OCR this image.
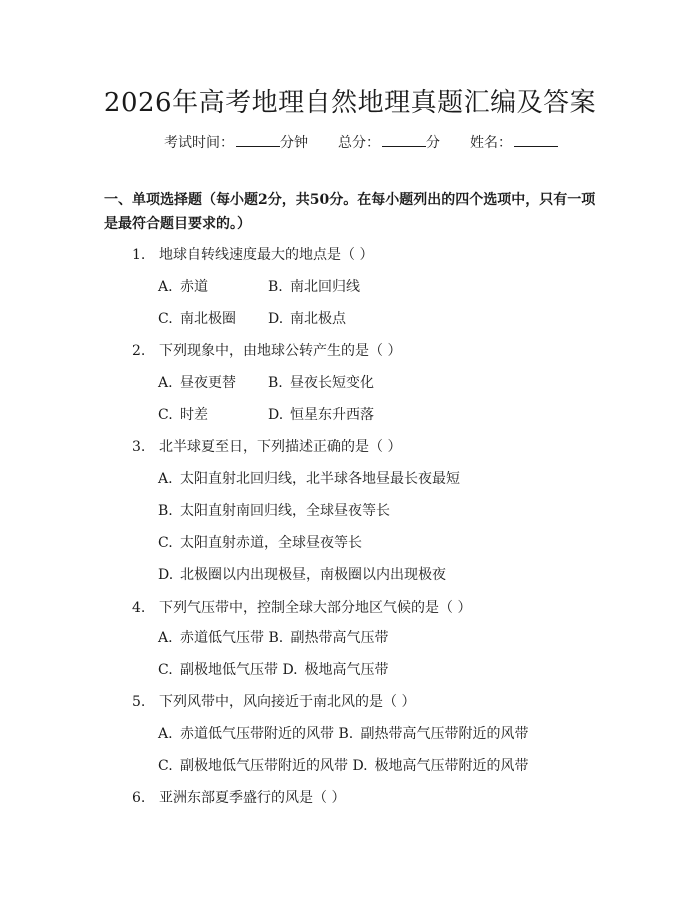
2026年高考地理自然地理真题汇编及答案
考试时间：	分钟 总分：	分 姓名：
一、单项选择题（每小题2分，共50分。在每小题列出的四个选项中，只有一项
是最符合题目要求的。）
1. 地球自转线速度最大的地点是（ ）
A. 赤道	B. 南北回归线
C. 南北极圈 D. 南北极点
2. 下列现象中，由地球公转产生的是（ ）
A. 昼夜更替 B. 昼夜长短变化
C. 时差	D. 恒星东升西落
3. 北半球夏至日，下列描述正确的是（ ）
A. 太阳直射北回归线，北半球各地昼最长夜最短
B. 太阳直射南回归线，全球昼夜等长
C. 太阳直射赤道，全球昼夜等长
D. 北极圈以内出现极昼，南极圈以内出现极夜
4. 下列气压带中，控制全球大部分地区气候的是（ ）
A. 赤道低气压带 B. 副热带高气压带
C. 副极地低气压带 D. 极地高气压带
5. 下列风带中，风向接近于南北风的是（ ）
A. 赤道低气压带附近的风带 B. 副热带高气压带附近的风带
C. 副极地低气压带附近的风带 D. 极地高气压带附近的风带
6. 亚洲东部夏季盛行的风是（ ）
